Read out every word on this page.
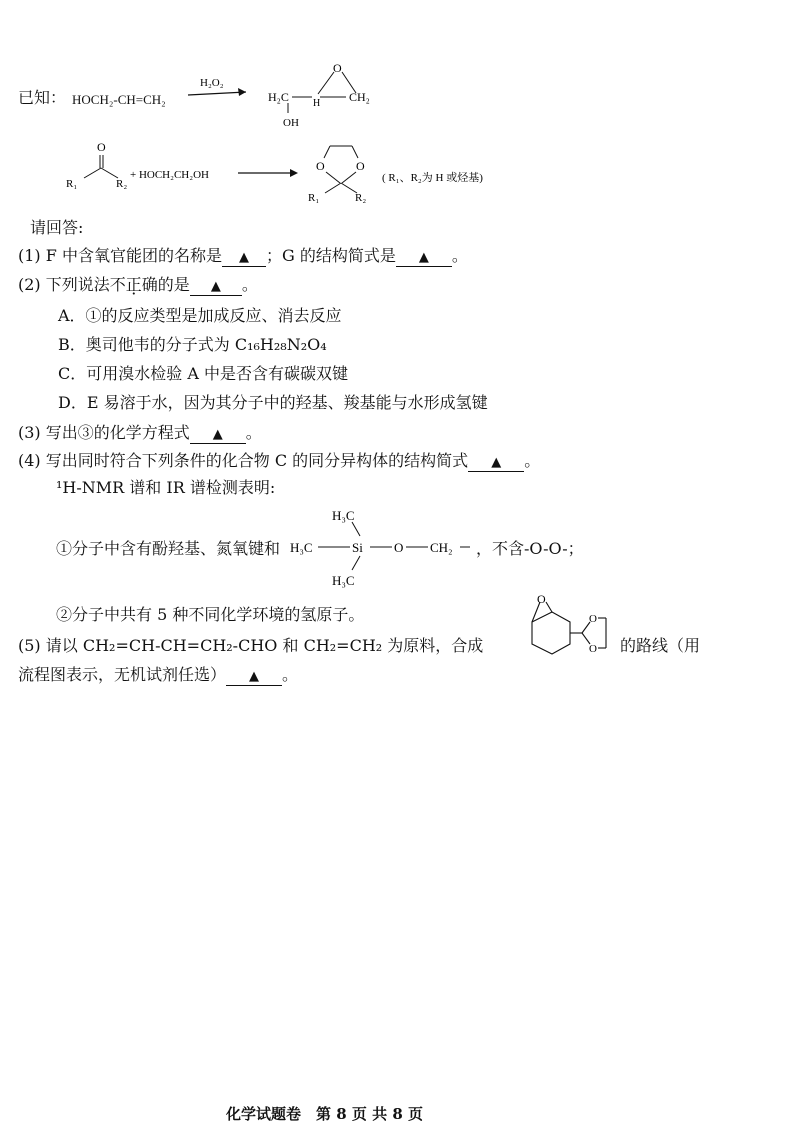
已知： HOCH₂-CH=CH₂
H₂O₂
H₂C
OH
H
O
CH₂
O
R₁	R₂
+ HOCH₂CH₂OH
O	O
R₁	R₂
( R₁、R₂为 H 或烃基)
请回答:
(1) F 中含氧官能团的名称是 ▲ ；G 的结构简式是 ▲ 。
(2) 下列说法不正确的是 ▲ 。
A．①的反应类型是加成反应、消去反应
B．奥司他韦的分子式为 C₁₆H₂₈N₂O₄
C．可用溴水检验 A 中是否含有碳碳双键
D．E 易溶于水，因为其分子中的羟基、羧基能与水形成氢键
(3) 写出③的化学方程式 ▲ 。
(4) 写出同时符合下列条件的化合物 C 的同分异构体的结构简式 ▲ 。
¹H-NMR 谱和 IR 谱检测表明:
①分子中含有酚羟基、氮氧键和
H₃C
H₃C	Si O CH₂
H₃C
，不含-O-O-；
②分子中共有 5 种不同化学环境的氢原子。
(5) 请以 CH₂=CH-CH=CH₂-CHO 和 CH₂=CH₂ 为原料，合成
O
O
O 的路线（用
流程图表示，无机试剂任选） ▲ 。
化学试题卷　第 8 页 共 8 页
